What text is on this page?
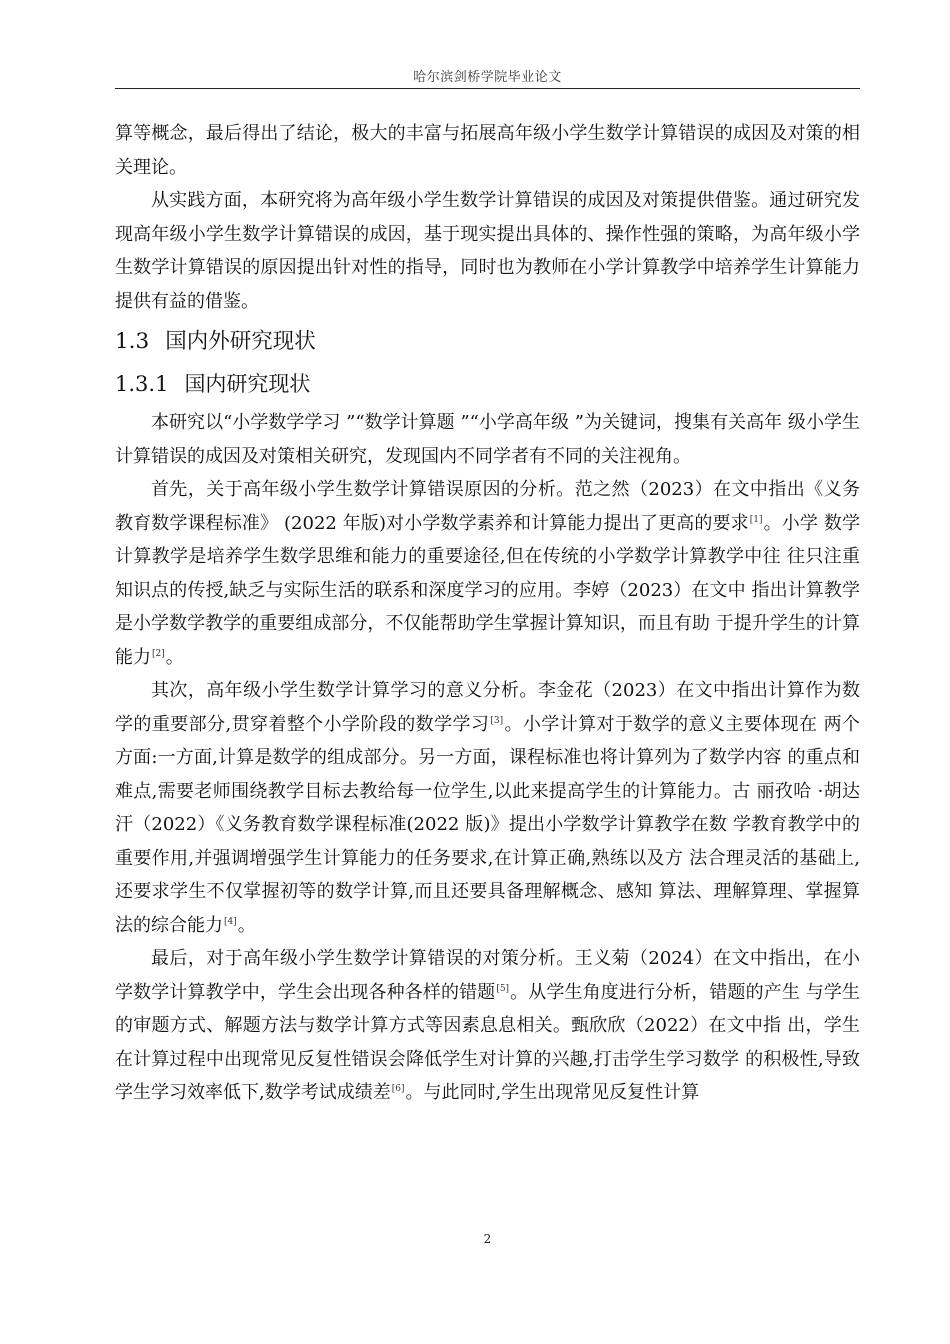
哈尔滨剑桥学院毕业论文

算等概念，最后得出了结论，极大的丰富与拓展高年级小学生数学计算错误的成因及对策的相关理论。

从实践方面，本研究将为高年级小学生数学计算错误的成因及对策提供借鉴。通过研究发现高年级小学生数学计算错误的成因，基于现实提出具体的、操作性强的策略，为高年级小学生数学计算错误的原因提出针对性的指导，同时也为教师在小学计算教学中培养学生计算能力提供有益的借鉴。

1.3 国内外研究现状
1.3.1 国内研究现状

本研究以“小学数学学习 ”“数学计算题 ”“小学高年级 ”为关键词，搜集有关高年 级小学生计算错误的成因及对策相关研究，发现国内不同学者有不同的关注视角。

首先，关于高年级小学生数学计算错误原因的分析。范之然（2023）在文中指出《义务教育数学课程标准》 (2022 年版)对小学数学素养和计算能力提出了更高的要求[1]。小学 数学计算教学是培养学生数学思维和能力的重要途径,但在传统的小学数学计算教学中往 往只注重知识点的传授,缺乏与实际生活的联系和深度学习的应用。李婷（2023）在文中 指出计算教学是小学数学教学的重要组成部分，不仅能帮助学生掌握计算知识，而且有助 于提升学生的计算能力[2]。

其次，高年级小学生数学计算学习的意义分析。李金花（2023）在文中指出计算作为数学的重要部分,贯穿着整个小学阶段的数学学习[3]。小学计算对于数学的意义主要体现在 两个方面:一方面,计算是数学的组成部分。另一方面，课程标准也将计算列为了数学内容 的重点和难点,需要老师围绕教学目标去教给每一位学生,以此来提高学生的计算能力。古 丽孜哈 ·胡达汗（2022）《义务教育数学课程标准(2022 版)》提出小学数学计算教学在数 学教育教学中的重要作用,并强调增强学生计算能力的任务要求,在计算正确,熟练以及方 法合理灵活的基础上,还要求学生不仅掌握初等的数学计算,而且还要具备理解概念、感知 算法、理解算理、掌握算法的综合能力[4]。

最后，对于高年级小学生数学计算错误的对策分析。王义菊（2024）在文中指出，在小学数学计算教学中，学生会出现各种各样的错题[5]。从学生角度进行分析，错题的产生 与学生的审题方式、解题方法与数学计算方式等因素息息相关。甄欣欣（2022）在文中指 出，学生在计算过程中出现常见反复性错误会降低学生对计算的兴趣,打击学生学习数学 的积极性,导致学生学习效率低下,数学考试成绩差[6]。与此同时,学生出现常见反复性计算

2
